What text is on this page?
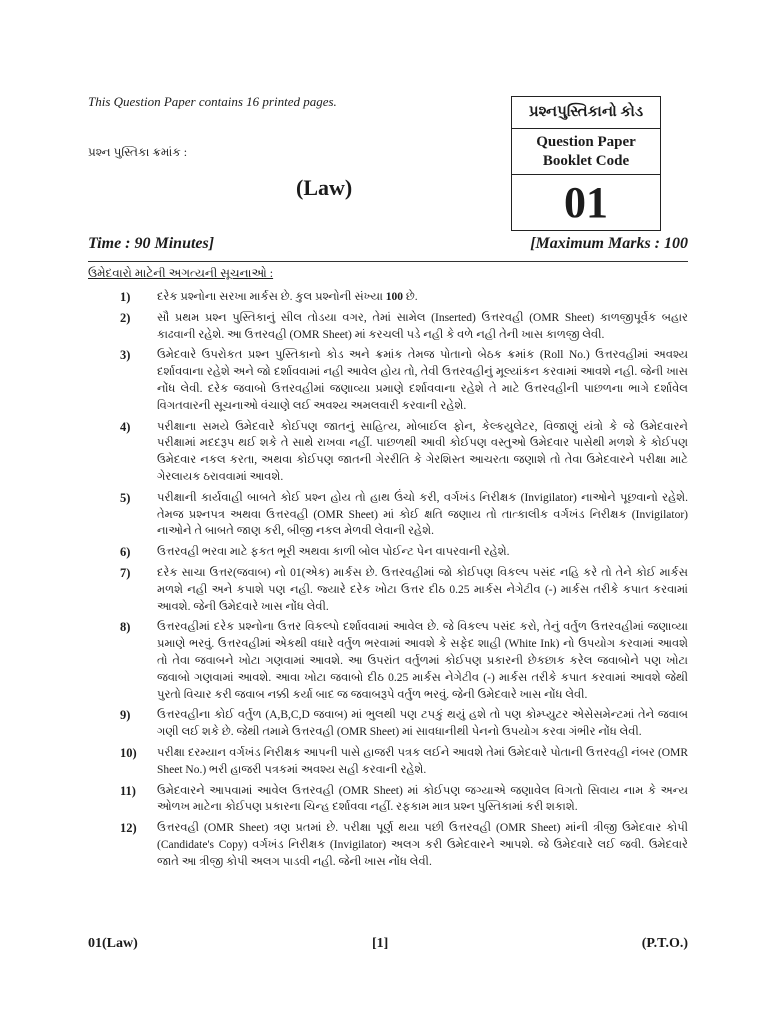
This Question Paper contains 16 printed pages.
પ્રશ્ન પુસ્તિકા ક્રમાંક :
(Law)
પ્રશ્નપુસ્તિકાનો કોડ
Question Paper
Booklet Code
01
Time : 90 Minutes]	[Maximum Marks : 100
ઉમેદવારો માટેની અગત્યની સૂચનાઓ :
1)	દરેક પ્રશ્નોના સરખા માર્કસ છે. કુલ પ્રશ્નોની સંખ્યા 100 છે.
2)	સૌ પ્રથમ પ્રશ્ન પુસ્તિકાનું સીલ તોડયા વગર, તેમાં સામેલ (Inserted) ઉત્તરવહી (OMR Sheet) કાળજીપૂર્વક બહાર કાઢવાની રહેશે. આ ઉત્તરવહી (OMR Sheet) માં કરચલી પડે નહી કે વળે નહી તેની ખાસ કાળજી લેવી.
3)	ઉમેદવારે ઉપરોકત પ્રશ્ન પુસ્તિકાનો કોડ અને ક્રમાંક તેમજ પોતાનો બેઠક ક્રમાંક (Roll No.) ઉત્તરવહીમાં અવશ્ય દર્શાવવાના રહેશે અને જો દર્શાવવામાં નહી આવેલ હોય તો, તેવી ઉત્તરવહીનું મૂલ્યાંકન કરવામાં આવશે નહી. જેની ખાસ નોંધ લેવી. દરેક જવાબો ઉત્તરવહીમાં જણાવ્યા પ્રમાણે દર્શાવવાના રહેશે તે માટે ઉત્તરવહીની પાછળના ભાગે દર્શાવેલ વિગતવારની સૂચનાઓ વંચાણે લઈ અવશ્ય અમલવારી કરવાની રહેશે.
4)	પરીક્ષાના સમયે ઉમેદવારે કોઈપણ જાતનું સાહિત્ય, મોબાઈલ ફોન, કેલ્કયુલેટર, વિજાણું યંત્રો કે જે ઉમેદવારને પરીક્ષામાં મદદરૂપ થઈ શકે તે સાથે રાખવા નહીં. પાછળથી આવી કોઈપણ વસ્તુઓ ઉમેદવાર પાસેથી મળશે કે કોઈપણ ઉમેદવાર નકલ કરતા, અથવા કોઈપણ જાતની ગેરરીતિ કે ગેરશિસ્ત આચરતા જણાશે તો તેવા ઉમેદવારને પરીક્ષા માટે ગેરલાયક ઠરાવવામાં આવશે.
5)	પરીક્ષાની કાર્યવાહી બાબતે કોઈ પ્રશ્ન હોય તો હાથ ઉંચો કરી, વર્ગખંડ નિરીક્ષક (Invigilator) નાઓને પૂછવાનો રહેશે. તેમજ પ્રશ્નપત્ર અથવા ઉત્તરવહી (OMR Sheet) માં કોઈ ક્ષતિ જણાય તો તાત્કાલીક વર્ગખંડ નિરીક્ષક (Invigilator) નાઓને તે બાબતે જાણ કરી, બીજી નકલ મેળવી લેવાની રહેશે.
6)	ઉત્તરવહી ભરવા માટે ફકત ભૂરી અથવા કાળી બોલ પોઈન્ટ પેન વાપરવાની રહેશે.
7)	દરેક સાચા ઉત્તર(જવાબ) નો 01(એક) માર્કસ છે. ઉત્તરવહીમાં જો કોઈપણ વિકલ્પ પસંદ નહિ કરે તો તેને કોઈ માર્કસ મળશે નહી અને કપાશે પણ નહી. જ્યારે દરેક ખોટા ઉત્તર દીઠ 0.25 માર્કસ નેગેટીવ (-) માર્કસ તરીકે કપાત કરવામાં આવશે. જેની ઉમેદવારે ખાસ નોંધ લેવી.
8)	ઉત્તરવહીમાં દરેક પ્રશ્નોના ઉત્તર વિકલ્પો દર્શાવવામાં આવેલ છે. જે વિકલ્પ પસંદ કરો, તેનું વર્તુળ ઉત્તરવહીમાં જણાવ્યા પ્રમાણે ભરવું. ઉત્તરવહીમાં એકથી વધારે વર્તુળ ભરવામાં આવશે કે સફેદ શાહી (White Ink) નો ઉપયોગ કરવામાં આવશે તો તેવા જવાબને ખોટા ગણવામાં આવશે. આ ઉપરાંત વર્તુળમાં કોઈપણ પ્રકારની છેકછાક કરેલ જવાબોને પણ ખોટા જવાબો ગણવામાં આવશે. આવા ખોટા જવાબો દીઠ 0.25 માર્કસ નેગેટીવ (-) માર્કસ તરીકે કપાત કરવામાં આવશે જેથી પુરતો વિચાર કરી જવાબ નક્કી કર્યા બાદ જ જવાબરૂપે વર્તુળ ભરવું. જેની ઉમેદવારે ખાસ નોંધ લેવી.
9)	ઉત્તરવહીના કોઈ વર્તુળ (A,B,C,D જવાબ) માં ભુલથી પણ ટપકું થયું હશે તો પણ કોમ્પ્યુટર એસેસમેન્ટમાં તેને જવાબ ગણી લઈ શકે છે. જેથી તમામે ઉત્તરવહી (OMR Sheet) માં સાવધાનીથી પેનનો ઉપયોગ કરવા ગંભીર નોંધ લેવી.
10)	પરીક્ષા દરમ્યાન વર્ગખંડ નિરીક્ષક આપની પાસે હાજરી પત્રક લઈને આવશે તેમાં ઉમેદવારે પોતાની ઉત્તરવહી નંબર (OMR Sheet No.) ભરી હાજરી પત્રકમાં અવશ્ય સહી કરવાની રહેશે.
11)	ઉમેદવારને આપવામાં આવેલ ઉત્તરવહી (OMR Sheet) માં કોઈપણ જગ્યાએ જણાવેલ વિગતો સિવાય નામ કે અન્ય ઓળખ માટેના કોઈપણ પ્રકારના ચિન્હ દર્શાવવા નહીં. રફકામ માત્ર પ્રશ્ન પુસ્તિકામાં કરી શકાશે.
12)	ઉત્તરવહી (OMR Sheet) ત્રણ પ્રતમાં છે. પરીક્ષા પૂર્ણ થયા પછી ઉત્તરવહી (OMR Sheet) માંની ત્રીજી ઉમેદવાર કોપી (Candidate's Copy) વર્ગખંડ નિરીક્ષક (Invigilator) અલગ કરી ઉમેદવારને આપશે. જે ઉમેદવારે લઈ જવી. ઉમેદવારે જાતે આ ત્રીજી કોપી અલગ પાડવી નહી. જેની ખાસ નોંધ લેવી.
01(Law)	[1]	(P.T.O.)
